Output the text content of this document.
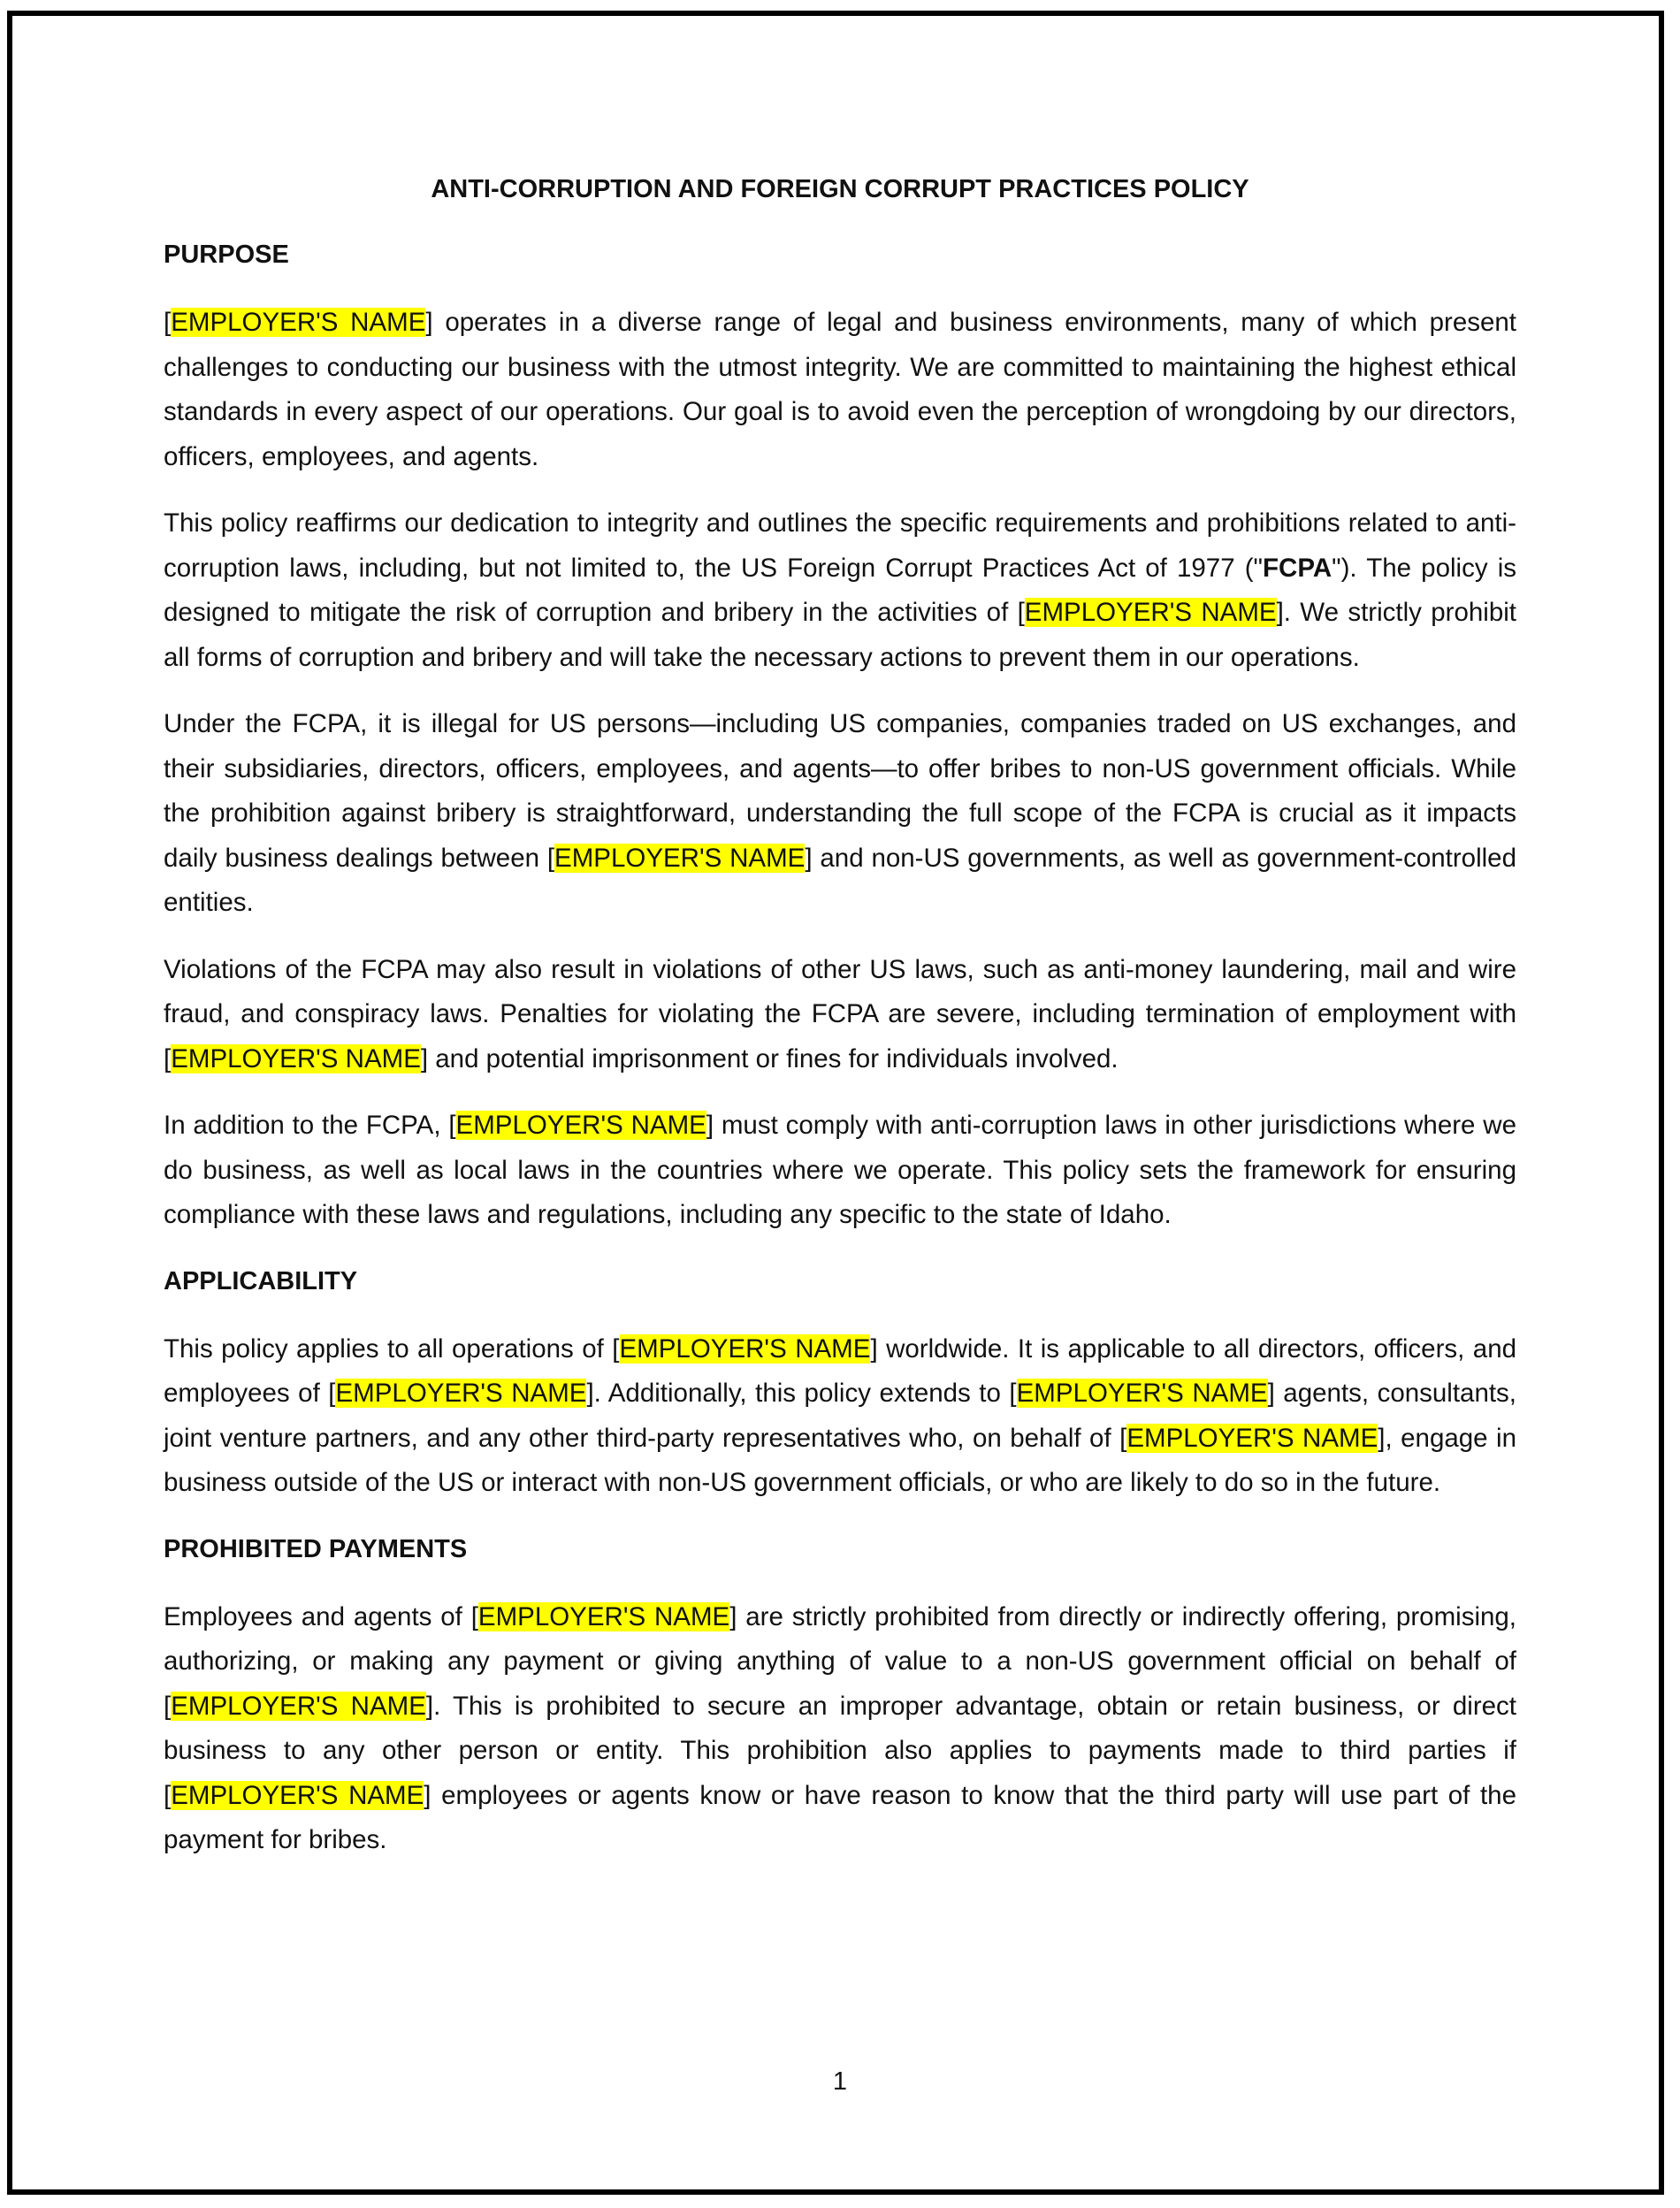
ANTI-CORRUPTION AND FOREIGN CORRUPT PRACTICES POLICY
PURPOSE

[EMPLOYER'S NAME] operates in a diverse range of legal and business environments, many of which present challenges to conducting our business with the utmost integrity. We are committed to maintaining the highest ethical standards in every aspect of our operations. Our goal is to avoid even the perception of wrongdoing by our directors, officers, employees, and agents.

This policy reaffirms our dedication to integrity and outlines the specific requirements and prohibitions related to anti-corruption laws, including, but not limited to, the US Foreign Corrupt Practices Act of 1977 ("FCPA"). The policy is designed to mitigate the risk of corruption and bribery in the activities of [EMPLOYER'S NAME]. We strictly prohibit all forms of corruption and bribery and will take the necessary actions to prevent them in our operations.

Under the FCPA, it is illegal for US persons—including US companies, companies traded on US exchanges, and their subsidiaries, directors, officers, employees, and agents—to offer bribes to non-US government officials. While the prohibition against bribery is straightforward, understanding the full scope of the FCPA is crucial as it impacts daily business dealings between [EMPLOYER'S NAME] and non-US governments, as well as government-controlled entities.

Violations of the FCPA may also result in violations of other US laws, such as anti-money laundering, mail and wire fraud, and conspiracy laws. Penalties for violating the FCPA are severe, including termination of employment with [EMPLOYER'S NAME] and potential imprisonment or fines for individuals involved.

In addition to the FCPA, [EMPLOYER'S NAME] must comply with anti-corruption laws in other jurisdictions where we do business, as well as local laws in the countries where we operate. This policy sets the framework for ensuring compliance with these laws and regulations, including any specific to the state of Idaho.

APPLICABILITY

This policy applies to all operations of [EMPLOYER'S NAME] worldwide. It is applicable to all directors, officers, and employees of [EMPLOYER'S NAME]. Additionally, this policy extends to [EMPLOYER'S NAME] agents, consultants, joint venture partners, and any other third-party representatives who, on behalf of [EMPLOYER'S NAME], engage in business outside of the US or interact with non-US government officials, or who are likely to do so in the future.

PROHIBITED PAYMENTS

Employees and agents of [EMPLOYER'S NAME] are strictly prohibited from directly or indirectly offering, promising, authorizing, or making any payment or giving anything of value to a non-US government official on behalf of [EMPLOYER'S NAME]. This is prohibited to secure an improper advantage, obtain or retain business, or direct business to any other person or entity. This prohibition also applies to payments made to third parties if [EMPLOYER'S NAME] employees or agents know or have reason to know that the third party will use part of the payment for bribes.

1
